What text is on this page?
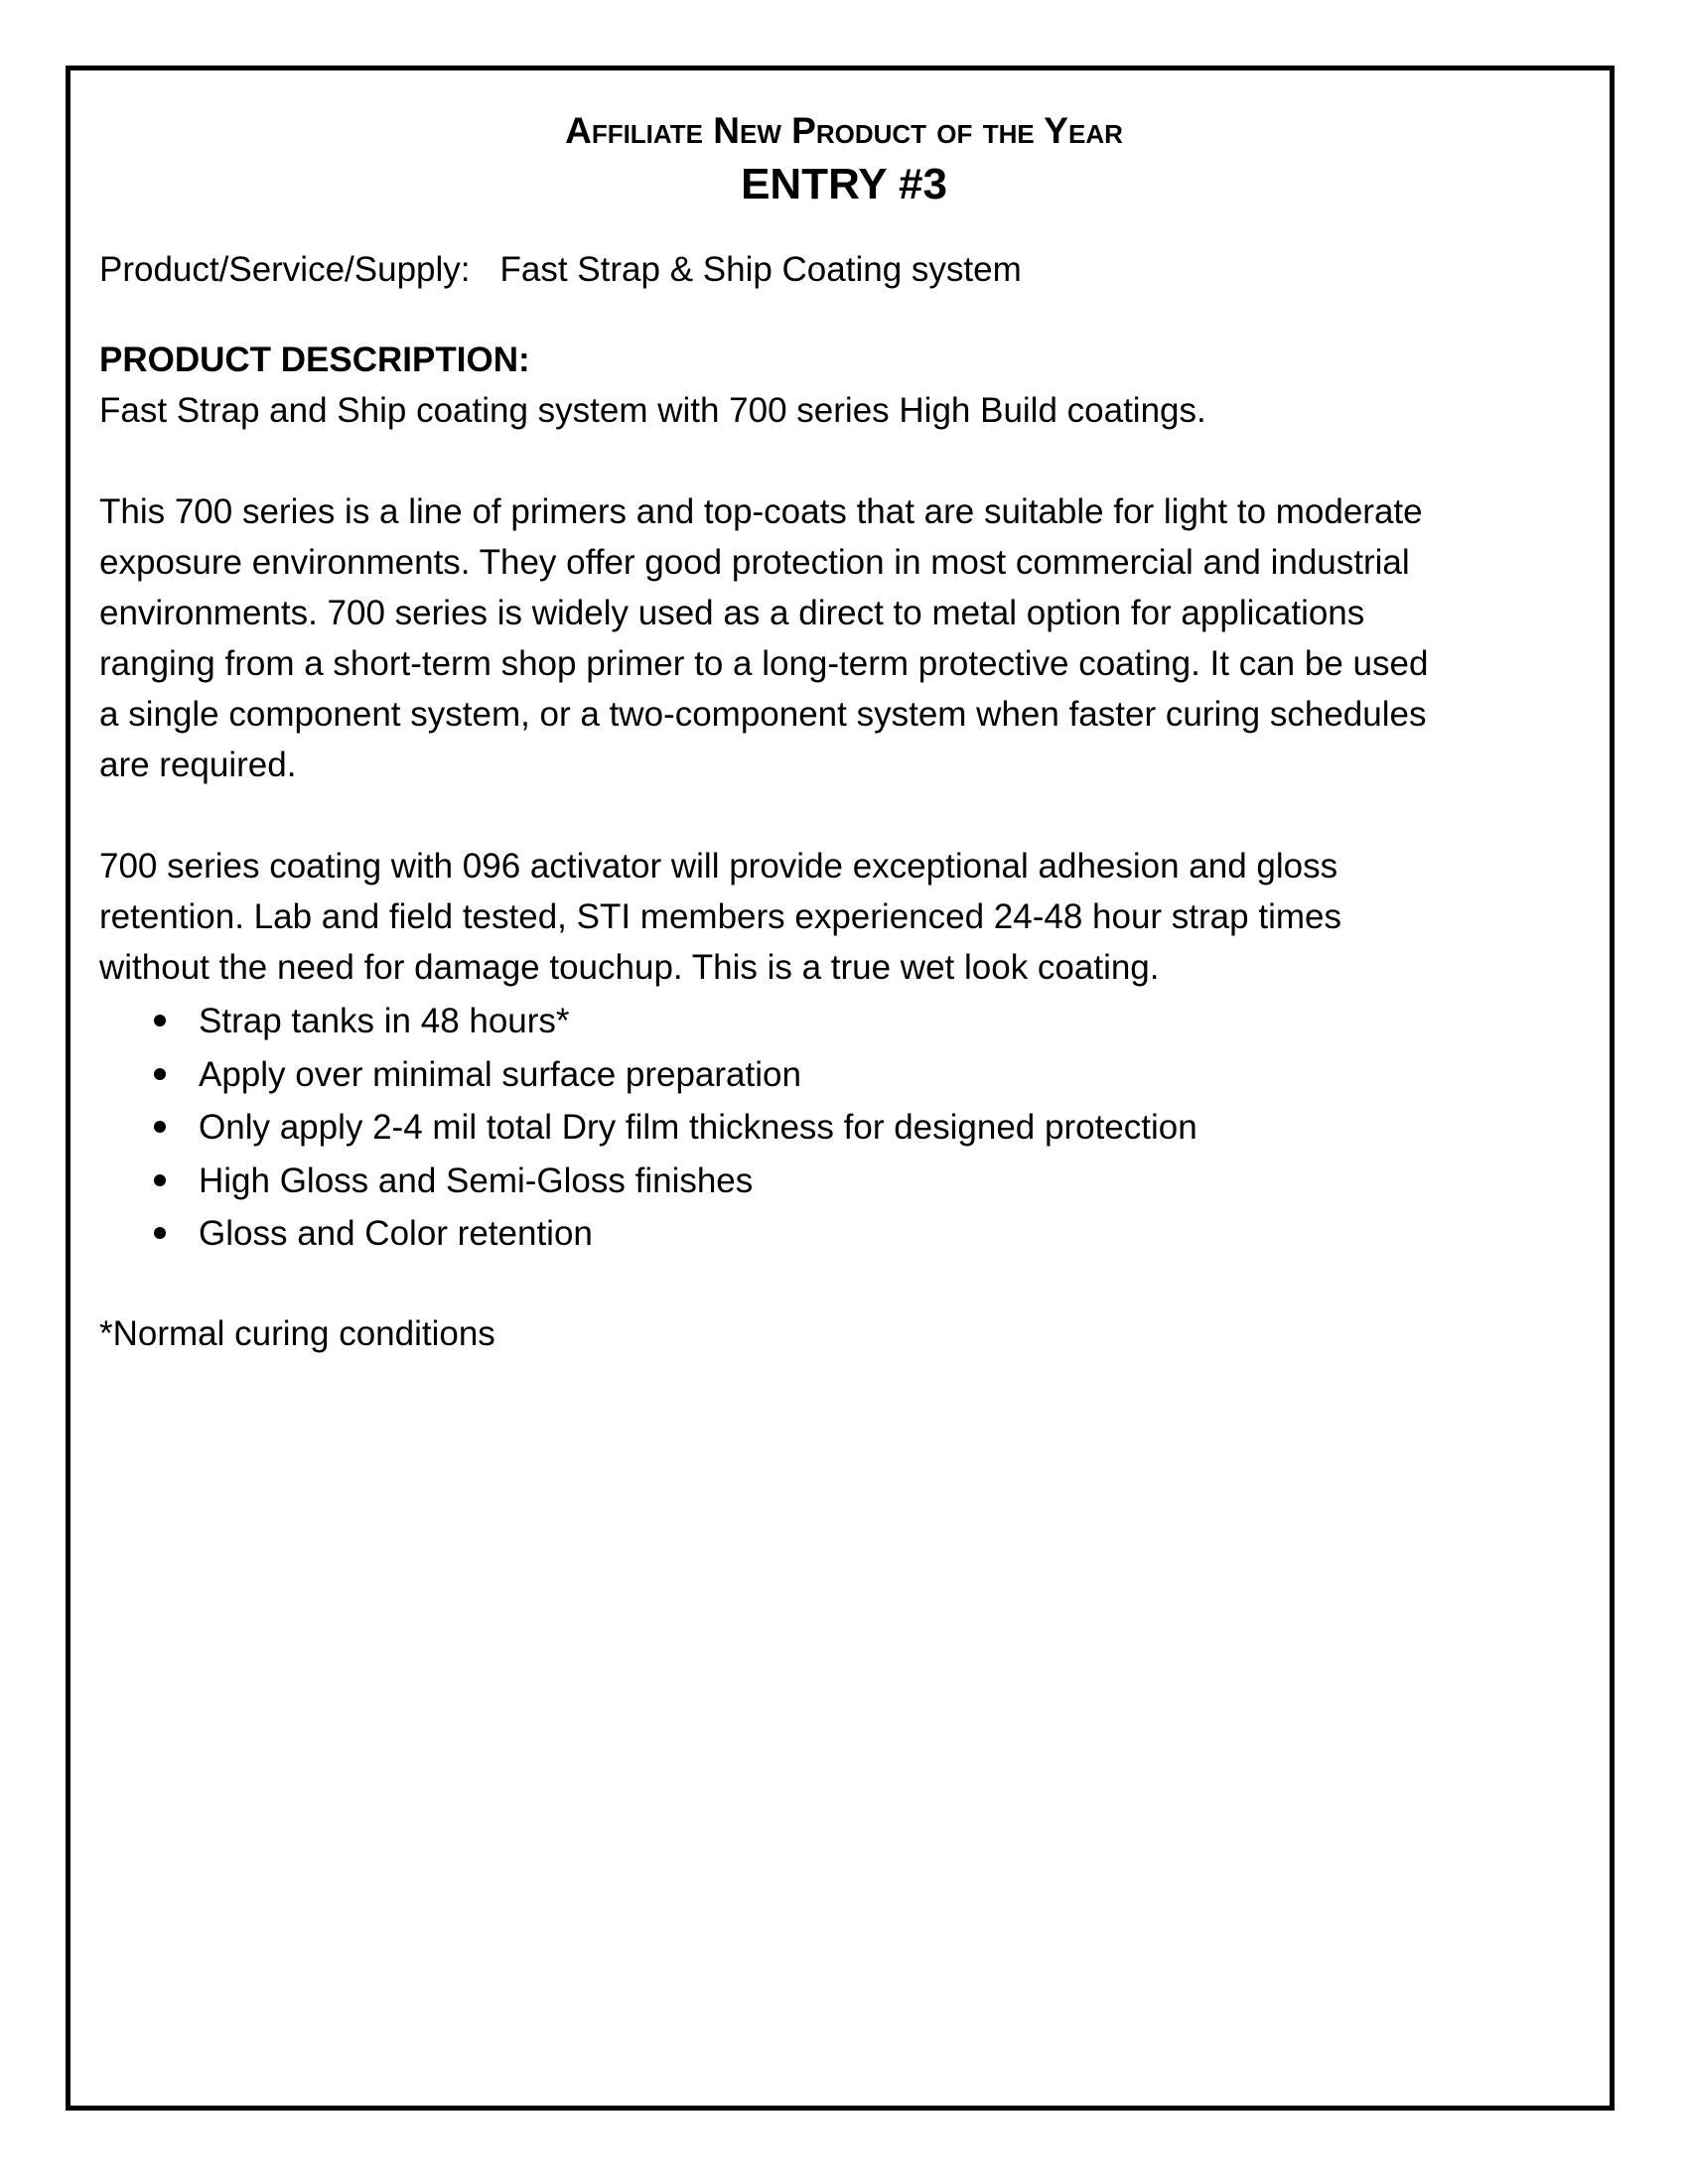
Affiliate New Product of the Year
ENTRY #3
Product/Service/Supply: Fast Strap & Ship Coating system
PRODUCT DESCRIPTION:
Fast Strap and Ship coating system with 700 series High Build coatings.
This 700 series is a line of primers and top-coats that are suitable for light to moderate
exposure environments. They offer good protection in most commercial and industrial
environments. 700 series is widely used as a direct to metal option for applications
ranging from a short-term shop primer to a long-term protective coating. It can be used
a single component system, or a two-component system when faster curing schedules
are required.
700 series coating with 096 activator will provide exceptional adhesion and gloss
retention. Lab and field tested, STI members experienced 24-48 hour strap times
without the need for damage touchup. This is a true wet look coating.
Strap tanks in 48 hours*
Apply over minimal surface preparation
Only apply 2-4 mil total Dry film thickness for designed protection
High Gloss and Semi-Gloss finishes
Gloss and Color retention
*Normal curing conditions
